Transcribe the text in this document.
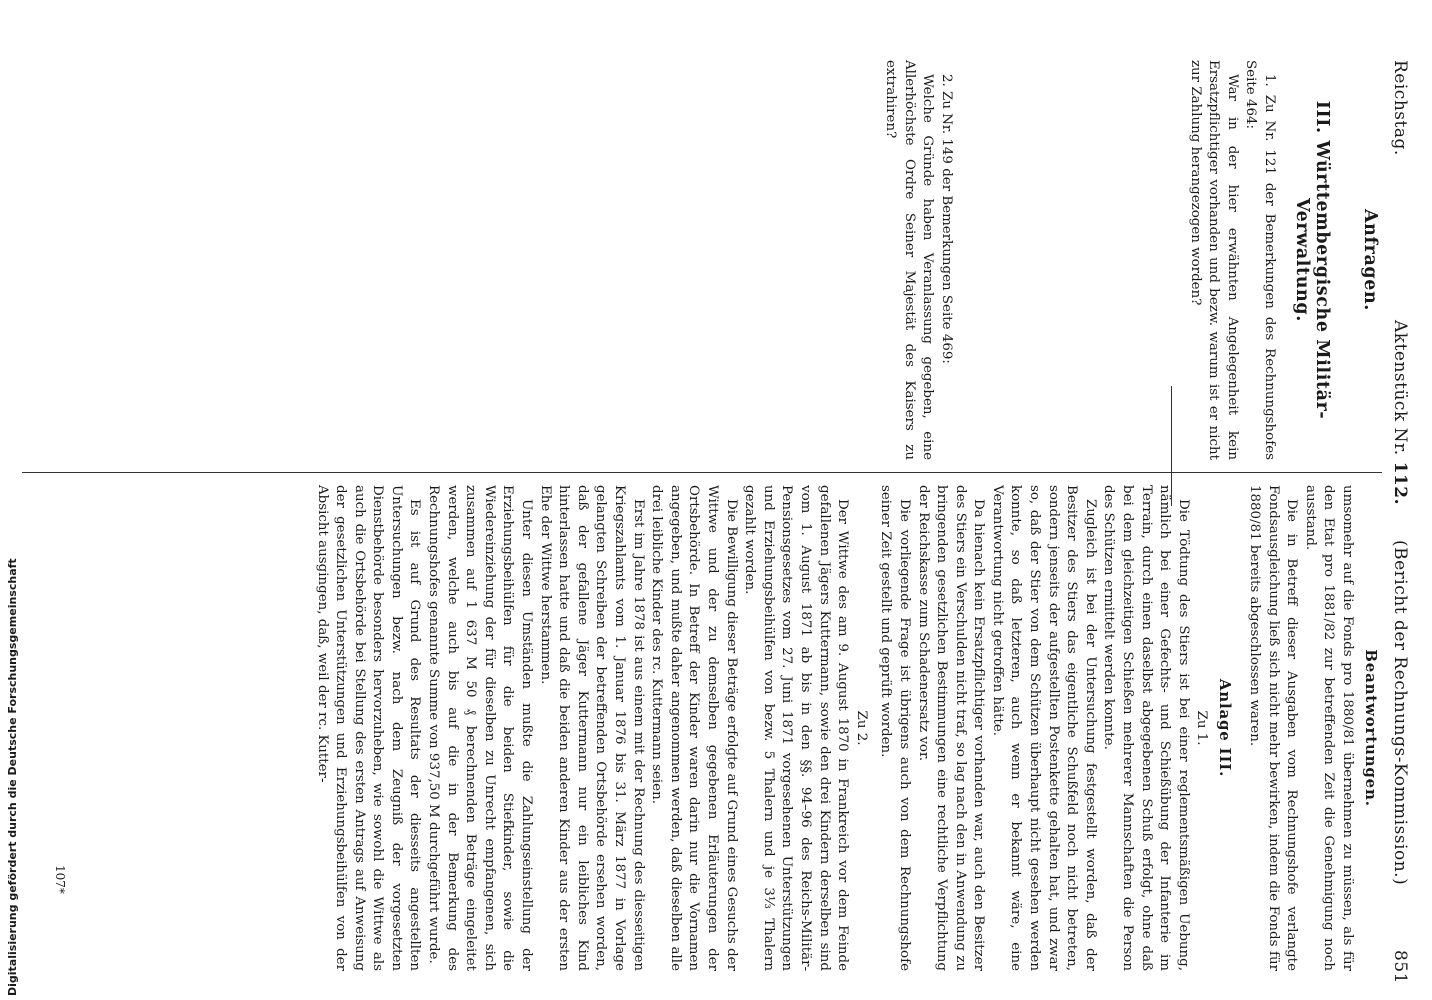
Reichstag.
Aktenstück Nr. 112.
(Bericht der Rechnungs-Kommission.)
851
Anfragen.
III. Württembergische Militär-Verwaltung.

1. Zu Nr. 121 der Bemerkungen des Rechnungshofes Seite 464:

War in der hier erwähnten Angelegenheit kein Ersatzpflichtiger vorhanden und bezw. warum ist er nicht zur Zahlung herangezogen worden?

2. Zu Nr. 149 der Bemerkungen Seite 469:

Welche Gründe haben Veranlassung gegeben, eine Allerhöchste Ordre Seiner Majestät des Kaisers zu extrahiren?

Beantwortungen.

umsomehr auf die Fonds pro 1880/81 übernehmen zu müssen, als für den Etat pro 1881/82 zur betreffenden Zeit die Genehmigung noch ausstand.

Die in Betreff dieser Ausgaben vom Rechnungshofe verlangte Fondsausgleichung ließ sich nicht mehr bewirken, indem die Fonds für 1880/81 bereits abgeschlossen waren.

Anlage III.
Zu 1.

Die Tödtung des Stiers ist bei einer reglementsmäßigen Uebung, nämlich bei einer Gefechts- und Schießübung der Infanterie im Terrain, durch einen daselbst abgegebenen Schuß erfolgt, ohne daß bei dem gleichzeitigen Schießen mehrerer Mannschaften die Person des Schützen ermittelt werden konnte.

Zugleich ist bei der Untersuchung festgestellt worden, daß der Besitzer des Stiers das eigentliche Schußfeld noch nicht betreten, sondern jenseits der aufgestellten Postenkette gehalten hat, und zwar so, daß der Stier von dem Schützen überhaupt nicht gesehen werden konnte, so daß letzteren, auch wenn er bekannt wäre, eine Verantwortung nicht getroffen hätte.

Da hienach kein Ersatzpflichtiger vorhanden war, auch den Besitzer des Stiers ein Verschulden nicht traf, so lag nach den in Anwendung zu bringenden gesetzlichen Bestimmungen eine rechtliche Verpflichtung der Reichskasse zum Schadenersatz vor.

Die vorliegende Frage ist übrigens auch von dem Rechnungshofe seiner Zeit gestellt und geprüft worden.

Zu 2.

Der Wittwe des am 9. August 1870 in Frankreich vor dem Feinde gefallenen Jägers Kuttermann, sowie den drei Kindern derselben sind vom 1. August 1871 ab bis in den §§. 94–96 des Reichs-Militär-Pensionsgesetzes vom 27. Juni 1871 vorgesehenen Unterstützungen und Erziehungsbeihülfen von bezw. 5 Thalern und je 3⅓ Thalern gezahlt worden.

Die Bewilligung dieser Beträge erfolgte auf Grund eines Gesuchs der Wittwe und der zu demselben gegebenen Erläuterungen der Ortsbehörde. In Betreff der Kinder waren darin nur die Vornamen angegeben, und mußte daher angenommen werden, daß dieselben alle drei leibliche Kinder des rc. Kuttermann seien.

Erst im Jahre 1878 ist aus einem mit der Rechnung des diesseitigen Kriegszahlamts vom 1. Januar 1876 bis 31. März 1877 in Vorlage gelangten Schreiben der betreffenden Ortsbehörde ersehen worden, daß der gefallene Jäger Kuttermann nur ein leibliches Kind hinterlassen hatte und daß die beiden anderen Kinder aus der ersten Ehe der Wittwe herstammen.

Unter diesen Umständen mußte die Zahlungseinstellung der Erziehungsbeihülfen für die beiden Stiefkinder, sowie die Wiedereinziehung der für dieselben zu Unrecht empfangenen, sich zusammen auf 1 637 M 50 ₰ berechnenden Beträge eingeleitet werden, welche auch bis auf die in der Bemerkung des Rechnungshofes genannte Summe von 937,50 M durchgeführt wurde.

Es ist auf Grund des Resultats der diesseits angestellten Untersuchungen bezw. nach dem Zeugniß der vorgesetzten Dienstbehörde besonders hervorzuheben, wie sowohl die Wittwe als auch die Ortsbehörde bei Stellung des ersten Antrags auf Anweisung der gesetzlichen Unterstützungen und Erziehungsbeihülfen von der Absicht ausgingen, daß, weil der rc. Kutter-

107*
Digitalisierung gefördert durch die Deutsche Forschungsgemeinschaft
